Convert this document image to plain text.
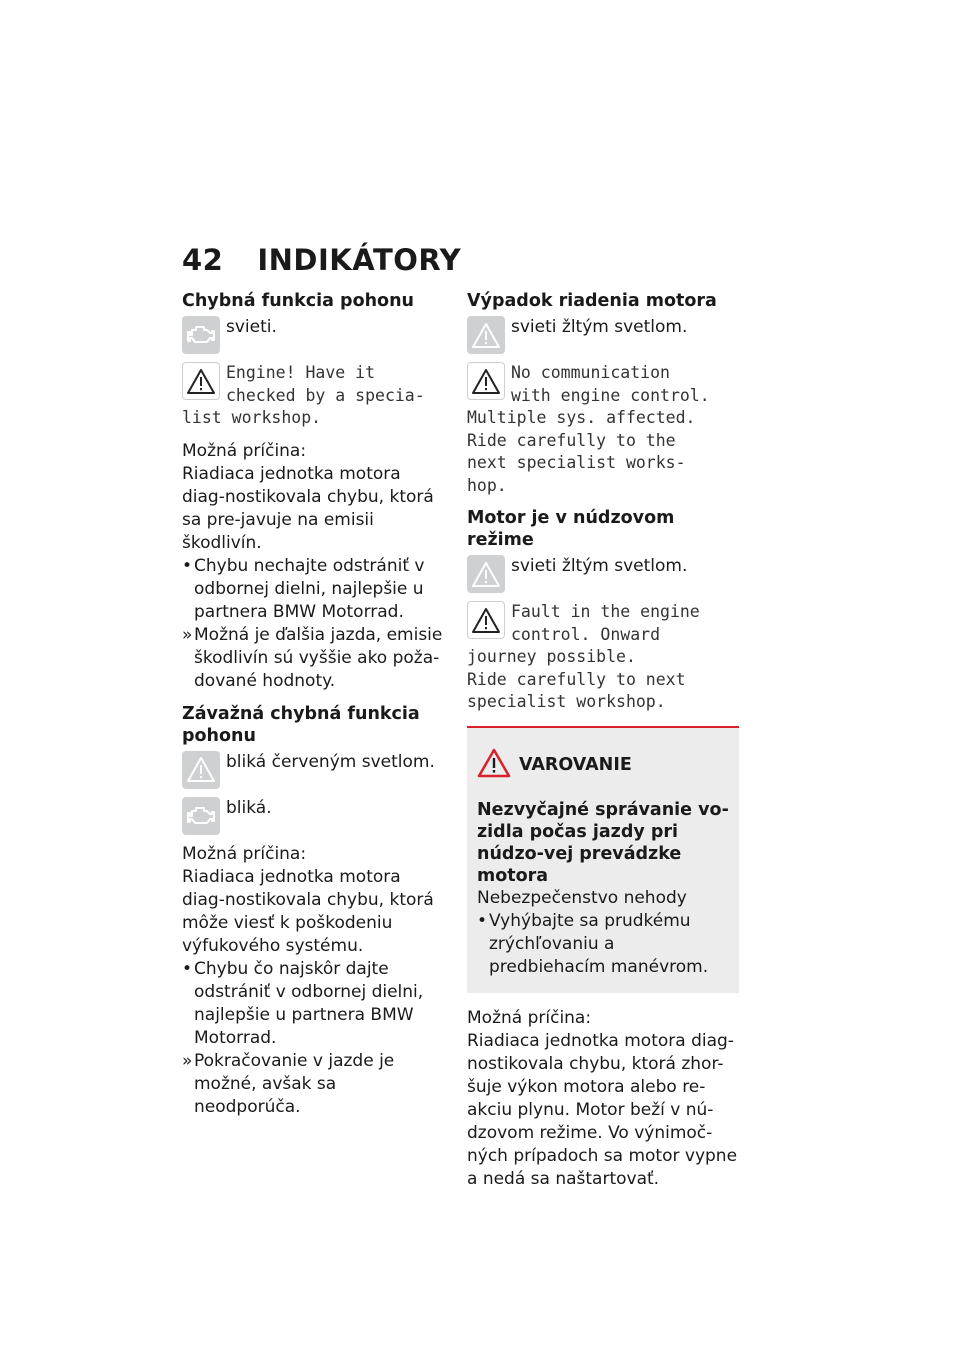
42 INDIKÁTORY
Chybná funkcia pohonu
svieti.
Engine! Have it
checked by a specia-
list workshop.
Možná príčina:
Riadiaca jednotka motora diag-nostikovala chybu, ktorá sa pre-javuje na emisii škodlivín.
• Chybu nechajte odstrániť v odbornej dielni, najlepšie u partnera BMW Motorrad.
» Možná je ďalšia jazda, emisie škodlivín sú vyššie ako poža-dované hodnoty.
Závažná chybná funkcia pohonu
bliká červeným svetlom.
bliká.
Možná príčina:
Riadiaca jednotka motora diag-nostikovala chybu, ktorá môže viesť k poškodeniu výfukového systému.
• Chybu čo najskôr dajte odstrániť v odbornej dielni, najlepšie u partnera BMW Motorrad.
» Pokračovanie v jazde je možné, avšak sa neodporúča.
Výpadok riadenia motora
svieti žltým svetlom.
No communication
with engine control.
Multiple sys. affected.
Ride carefully to the
next specialist works-
hop.
Motor je v núdzovom režime
svieti žltým svetlom.
Fault in the engine
control. Onward
journey possible.
Ride carefully to next
specialist workshop.
VAROVANIE
Nezvyčajné správanie vo-zidla počas jazdy pri núdzo-vej prevádzke motora
Nebezpečenstvo nehody
• Vyhýbajte sa prudkému zrýchľovaniu a predbiehacím manévrom.
Možná príčina:
Riadiaca jednotka motora diag-nostikovala chybu, ktorá zhor-šuje výkon motora alebo re-akciu plynu. Motor beží v nú-dzovom režime. Vo výnimoč-ných prípadoch sa motor vypne a nedá sa naštartovať.
